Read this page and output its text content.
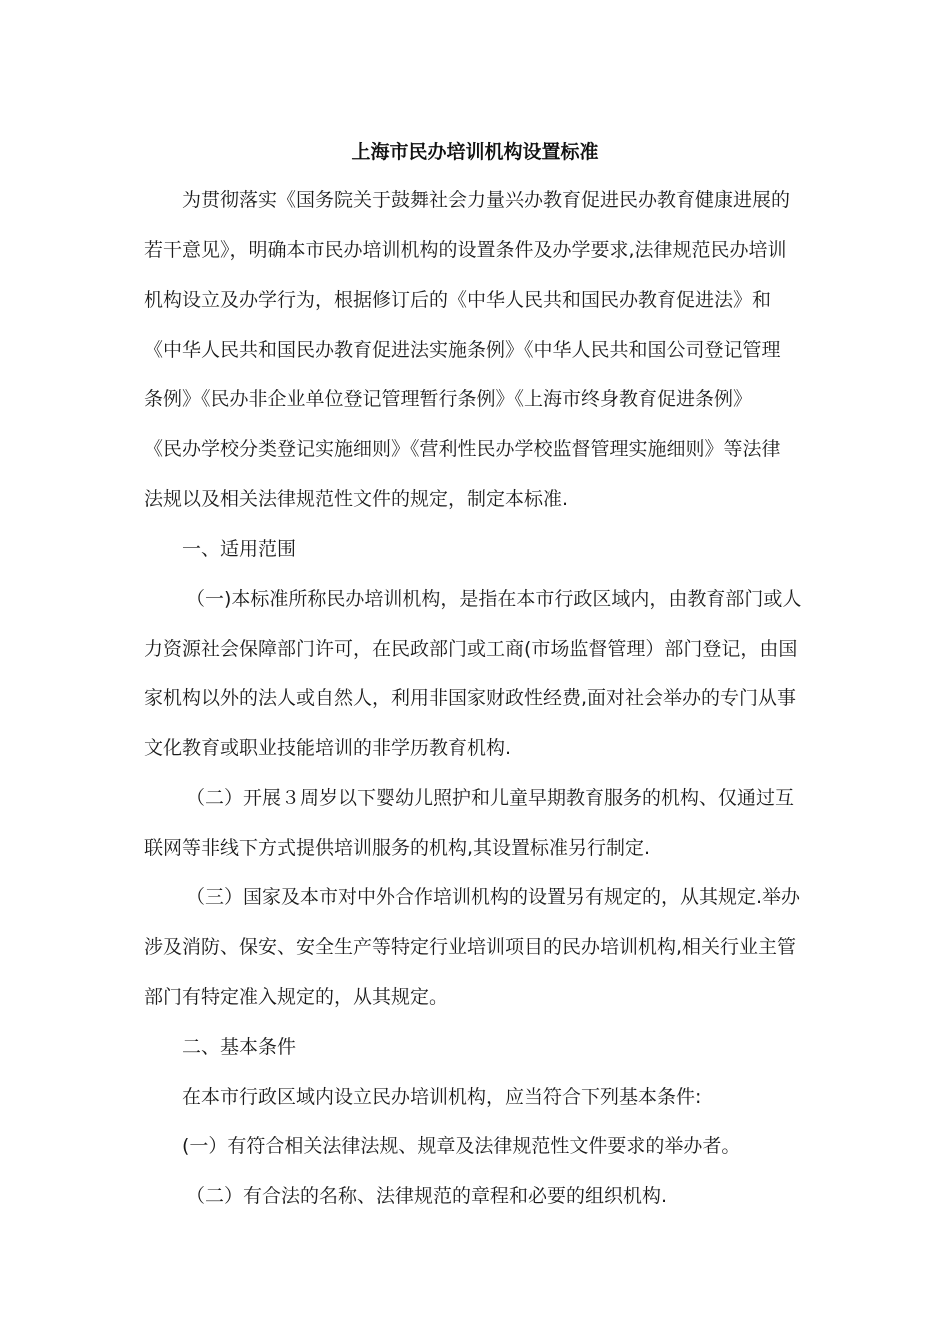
上海市民办培训机构设置标准
为贯彻落实《国务院关于鼓舞社会力量兴办教育促进民办教育健康进展的
若干意见》，明确本市民办培训机构的设置条件及办学要求,法律规范民办培训
机构设立及办学行为，根据修订后的《中华人民共和国民办教育促进法》和
《中华人民共和国民办教育促进法实施条例》《中华人民共和国公司登记管理
条例》《民办非企业单位登记管理暂行条例》《上海市终身教育促进条例》
《民办学校分类登记实施细则》《营利性民办学校监督管理实施细则》等法律
法规以及相关法律规范性文件的规定，制定本标准.
一、适用范围
（一)本标准所称民办培训机构，是指在本市行政区域内，由教育部门或人
力资源社会保障部门许可，在民政部门或工商(市场监督管理）部门登记，由国
家机构以外的法人或自然人，利用非国家财政性经费,面对社会举办的专门从事
文化教育或职业技能培训的非学历教育机构.
（二）开展３周岁以下婴幼儿照护和儿童早期教育服务的机构、仅通过互
联网等非线下方式提供培训服务的机构,其设置标准另行制定.
（三）国家及本市对中外合作培训机构的设置另有规定的，从其规定.举办
涉及消防、保安、安全生产等特定行业培训项目的民办培训机构,相关行业主管
部门有特定准入规定的，从其规定。
二、基本条件
在本市行政区域内设立民办培训机构，应当符合下列基本条件:
(一）有符合相关法律法规、规章及法律规范性文件要求的举办者。
（二）有合法的名称、法律规范的章程和必要的组织机构.
